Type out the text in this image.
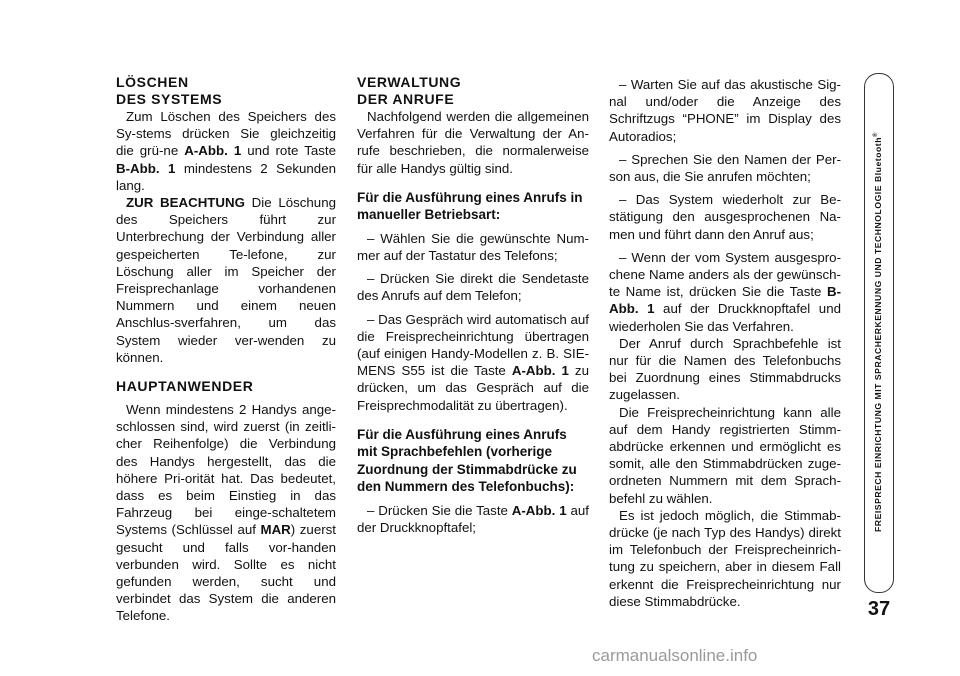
LÖSCHEN
DES SYSTEMS

Zum Löschen des Speichers des Sy-stems drücken Sie gleichzeitig die grü-ne A-Abb. 1 und rote Taste B-Abb. 1 mindestens 2 Sekunden lang.

ZUR BEACHTUNG Die Löschung des Speichers führt zur Unterbrechung der Verbindung aller gespeicherten Te-lefone, zur Löschung aller im Speicher der Freisprechanlage vorhandenen Nummern und einem neuen Anschlus-sverfahren, um das System wieder ver-wenden zu können.

HAUPTANWENDER

Wenn mindestens 2 Handys ange-schlossen sind, wird zuerst (in zeitli-cher Reihenfolge) die Verbindung des Handys hergestellt, das die höhere Pri-orität hat. Das bedeutet, dass es beim Einstieg in das Fahrzeug bei einge-schaltetem Systems (Schlüssel auf MAR) zuerst gesucht und falls vor-handen verbunden wird. Sollte es nicht gefunden werden, sucht und verbindet das System die anderen Telefone.

VERWALTUNG
DER ANRUFE

Nachfolgend werden die allgemeinen Verfahren für die Verwaltung der An-rufe beschrieben, die normalerweise für alle Handys gültig sind.

Für die Ausführung eines Anrufs in manueller Betriebsart:

– Wählen Sie die gewünschte Num-mer auf der Tastatur des Telefons;

– Drücken Sie direkt die Sendetaste des Anrufs auf dem Telefon;

– Das Gespräch wird automatisch auf die Freisprecheinrichtung übertragen (auf einigen Handy-Modellen z. B. SIE-MENS S55 ist die Taste A-Abb. 1 zu drücken, um das Gespräch auf die Freisprechmodalität zu übertragen).

Für die Ausführung eines Anrufs mit Sprachbefehlen (vorherige Zuordnung der Stimmabdrücke zu den Nummern des Telefonbuchs):

– Drücken Sie die Taste A-Abb. 1 auf der Druckknopftafel;

– Warten Sie auf das akustische Sig-nal und/oder die Anzeige des Schriftzugs “PHONE” im Display des Autoradios;

– Sprechen Sie den Namen der Per-son aus, die Sie anrufen möchten;

– Das System wiederholt zur Be-stätigung den ausgesprochenen Na-men und führt dann den Anruf aus;

– Wenn der vom System ausgespro-chene Name anders als der gewünsch-te Name ist, drücken Sie die Taste B-Abb. 1 auf der Druckknopftafel und wiederholen Sie das Verfahren.

Der Anruf durch Sprachbefehle ist nur für die Namen des Telefonbuchs bei Zuordnung eines Stimmabdrucks zugelassen.

Die Freisprecheinrichtung kann alle auf dem Handy registrierten Stimm-abdrücke erkennen und ermöglicht es somit, alle den Stimmabdrücken zuge-ordneten Nummern mit dem Sprach-befehl zu wählen.

Es ist jedoch möglich, die Stimmab-drücke (je nach Typ des Handys) direkt im Telefonbuch der Freisprecheinrich-tung zu speichern, aber in diesem Fall erkennt die Freisprecheinrichtung nur diese Stimmabdrücke.

FREISPRECH EINRICHTUNG MIT SPRACHERKENNUNG UND TECHNOLOGIE Bluetooth®
37
carmanualsonline.info
